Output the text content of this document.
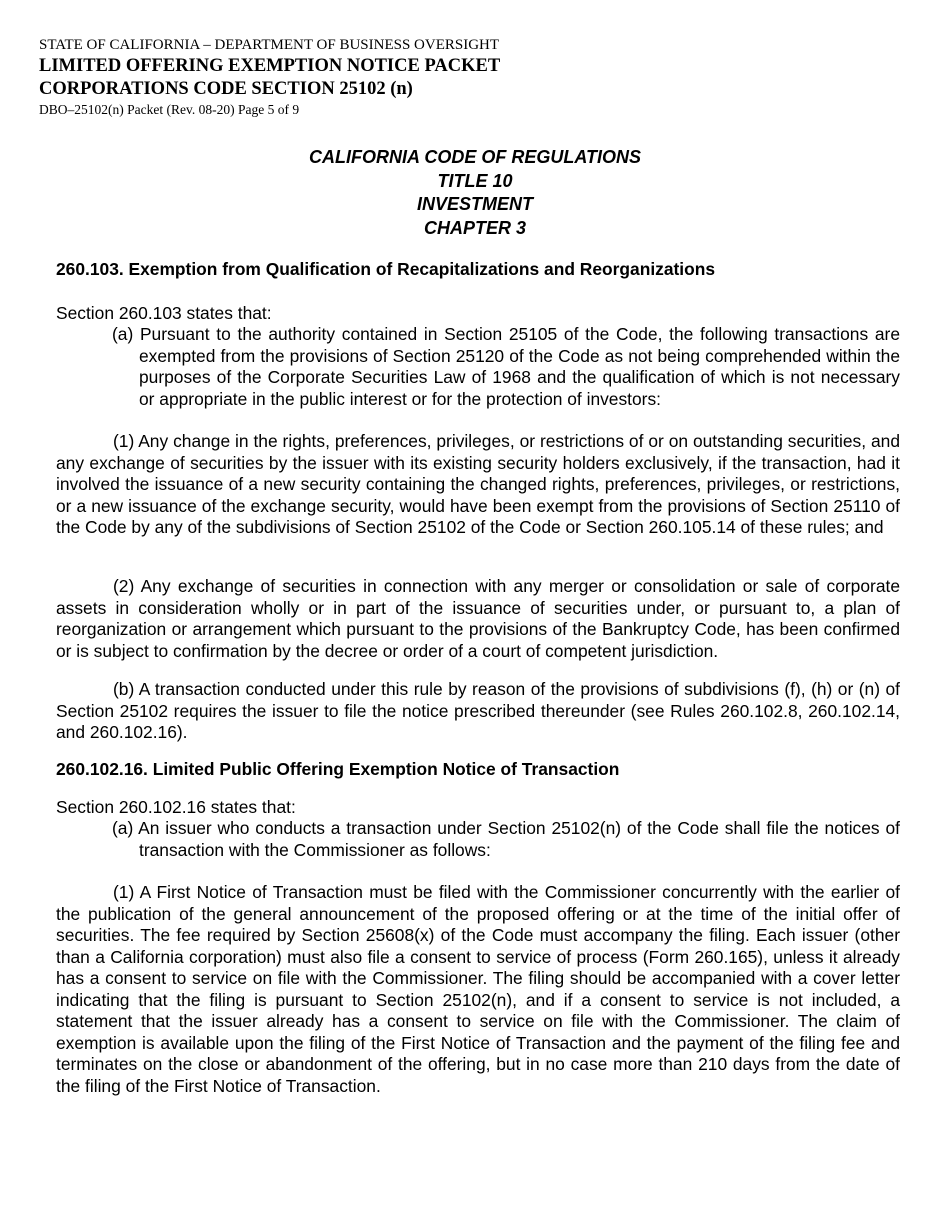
STATE OF CALIFORNIA – DEPARTMENT OF BUSINESS OVERSIGHT
LIMITED OFFERING EXEMPTION NOTICE PACKET
CORPORATIONS CODE SECTION 25102 (n)
DBO–25102(n) Packet (Rev. 08-20) Page 5 of 9
CALIFORNIA CODE OF REGULATIONS
TITLE 10
INVESTMENT
CHAPTER 3

260.103. Exemption from Qualification of Recapitalizations and Reorganizations

Section 260.103 states that:

(a) Pursuant to the authority contained in Section 25105 of the Code, the following transactions are exempted from the provisions of Section 25120 of the Code as not being comprehended within the purposes of the Corporate Securities Law of 1968 and the qualification of which is not necessary or appropriate in the public interest or for the protection of investors:

(1) Any change in the rights, preferences, privileges, or restrictions of or on outstanding securities, and any exchange of securities by the issuer with its existing security holders exclusively, if the transaction, had it involved the issuance of a new security containing the changed rights, preferences, privileges, or restrictions, or a new issuance of the exchange security, would have been exempt from the provisions of Section 25110 of the Code by any of the subdivisions of Section 25102 of the Code or Section 260.105.14 of these rules; and

(2) Any exchange of securities in connection with any merger or consolidation or sale of corporate assets in consideration wholly or in part of the issuance of securities under, or pursuant to, a plan of reorganization or arrangement which pursuant to the provisions of the Bankruptcy Code, has been confirmed or is subject to confirmation by the decree or order of a court of competent jurisdiction.

(b) A transaction conducted under this rule by reason of the provisions of subdivisions (f), (h) or (n) of Section 25102 requires the issuer to file the notice prescribed thereunder (see Rules 260.102.8, 260.102.14, and 260.102.16).

260.102.16. Limited Public Offering Exemption Notice of Transaction

Section 260.102.16 states that:

(a) An issuer who conducts a transaction under Section 25102(n) of the Code shall file the notices of transaction with the Commissioner as follows:

(1) A First Notice of Transaction must be filed with the Commissioner concurrently with the earlier of the publication of the general announcement of the proposed offering or at the time of the initial offer of securities. The fee required by Section 25608(x) of the Code must accompany the filing. Each issuer (other than a California corporation) must also file a consent to service of process (Form 260.165), unless it already has a consent to service on file with the Commissioner. The filing should be accompanied with a cover letter indicating that the filing is pursuant to Section 25102(n), and if a consent to service is not included, a statement that the issuer already has a consent to service on file with the Commissioner. The claim of exemption is available upon the filing of the First Notice of Transaction and the payment of the filing fee and terminates on the close or abandonment of the offering, but in no case more than 210 days from the date of the filing of the First Notice of Transaction.
